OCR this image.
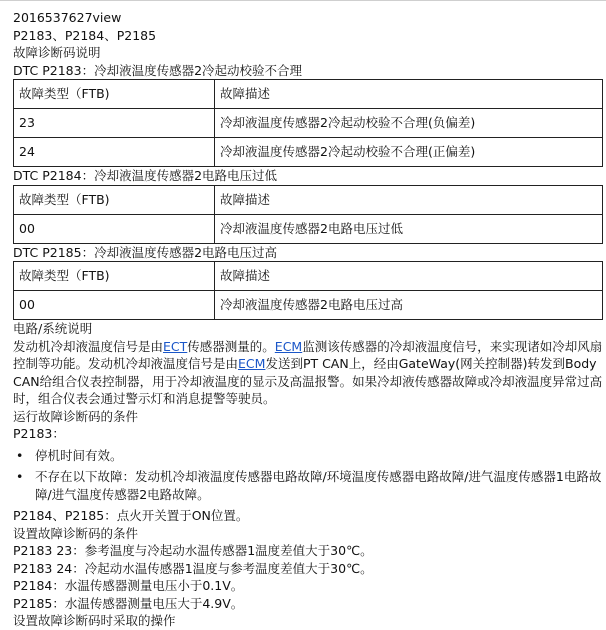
2016537627view
P2183、P2184、P2185
故障诊断码说明
DTC P2183：冷却液温度传感器2冷起动校验不合理
故障类型（FTB)	故障描述
23	冷却液温度传感器2冷起动校验不合理(负偏差)
24	冷却液温度传感器2冷起动校验不合理(正偏差)
DTC P2184：冷却液温度传感器2电路电压过低
故障类型（FTB)	故障描述
00	冷却液温度传感器2电路电压过低
DTC P2185：冷却液温度传感器2电路电压过高
故障类型（FTB)	故障描述
00	冷却液温度传感器2电路电压过高
电路/系统说明
发动机冷却液温度信号是由ECT传感器测量的。ECM监测该传感器的冷却液温度信号，来实现诸如冷却风扇控制等功能。发动机冷却液温度信号是由ECM发送到PT CAN上，经由GateWay(网关控制器)转发到Body CAN给组合仪表控制器，用于冷却液温度的显示及高温报警。如果冷却液传感器故障或冷却液温度异常过高时，组合仪表会通过警示灯和消息提警等驶员。
运行故障诊断码的条件
P2183：
• 停机时间有效。
• 不存在以下故障：发动机冷却液温度传感器电路故障/环境温度传感器电路故障/进气温度传感器1电路故障/进气温度传感器2电路故障。
P2184、P2185：点火开关置于ON位置。
设置故障诊断码的条件
P2183 23：参考温度与冷起动水温传感器1温度差值大于30℃。
P2183 24：冷起动水温传感器1温度与参考温度差值大于30℃。
P2184：水温传感器测量电压小于0.1V。
P2185：水温传感器测量电压大于4.9V。
设置故障诊断码时采取的操作
